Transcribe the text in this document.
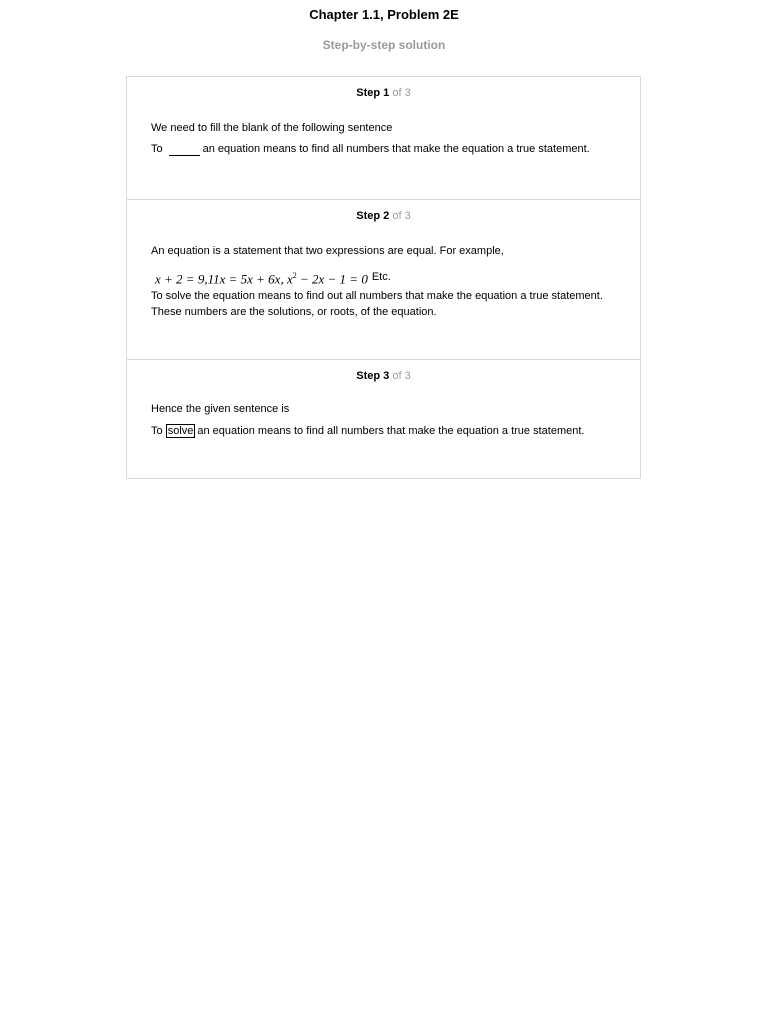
Chapter 1.1, Problem 2E
Step-by-step solution
Step 1 of 3
We need to fill the blank of the following sentence
To	an equation means to find all numbers that make the equation a true statement.
Step 2 of 3
An equation is a statement that two expressions are equal. For example,
x + 2 = 9,11x = 5x + 6x, $x^2 - 2x - 1 = 0$ $^{Etc.}$
To solve the equation means to find out all numbers that make the equation a true statement.
These numbers are the solutions, or roots, of the equation.
Step 3 of 3
Hence the given sentence is
To solve an equation means to find all numbers that make the equation a true statement.
